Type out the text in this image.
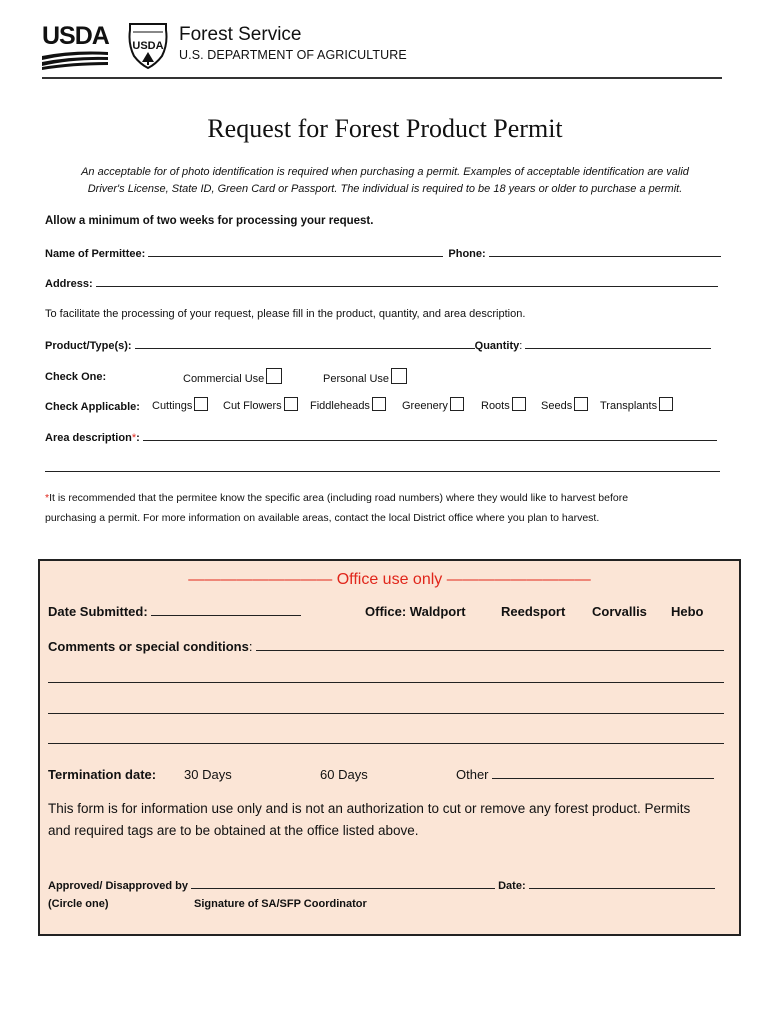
USDA USDA
Forest Service
U.S. DEPARTMENT OF AGRICULTURE
Request for Forest Product Permit
An acceptable for of photo identification is required when purchasing a permit. Examples of acceptable identification are valid
Driver's License, State ID, Green Card or Passport. The individual is required to be 18 years or older to purchase a permit.
Allow a minimum of two weeks for processing your request.
Name of Permittee:	Phone:
Address:
To facilitate the processing of your request, please fill in the product, quantity, and area description.
Product/Type(s):	Quantity:
Check One:	Commercial Use	Personal Use
Check Applicable: Cuttings	Cut Flowers	Fiddleheads	Greenery	Roots	Seeds	Transplants
Area description*:
*It is recommended that the permitee know the specific area (including road numbers) where they would like to harvest before
purchasing a permit. For more information on available areas, contact the local District office where you plan to harvest.
————————— Office use only —————————
Date Submitted:	Office: Waldport	Reedsport Corvallis Hebo
Comments or special conditions:
Termination date: 30 Days	60 Days	Other
This form is for information use only and is not an authorization to cut or remove any forest product. Permits
and required tags are to be obtained at the office listed above.
Approved/ Disapproved by	Date:
(Circle one)	Signature of SA/SFP Coordinator
